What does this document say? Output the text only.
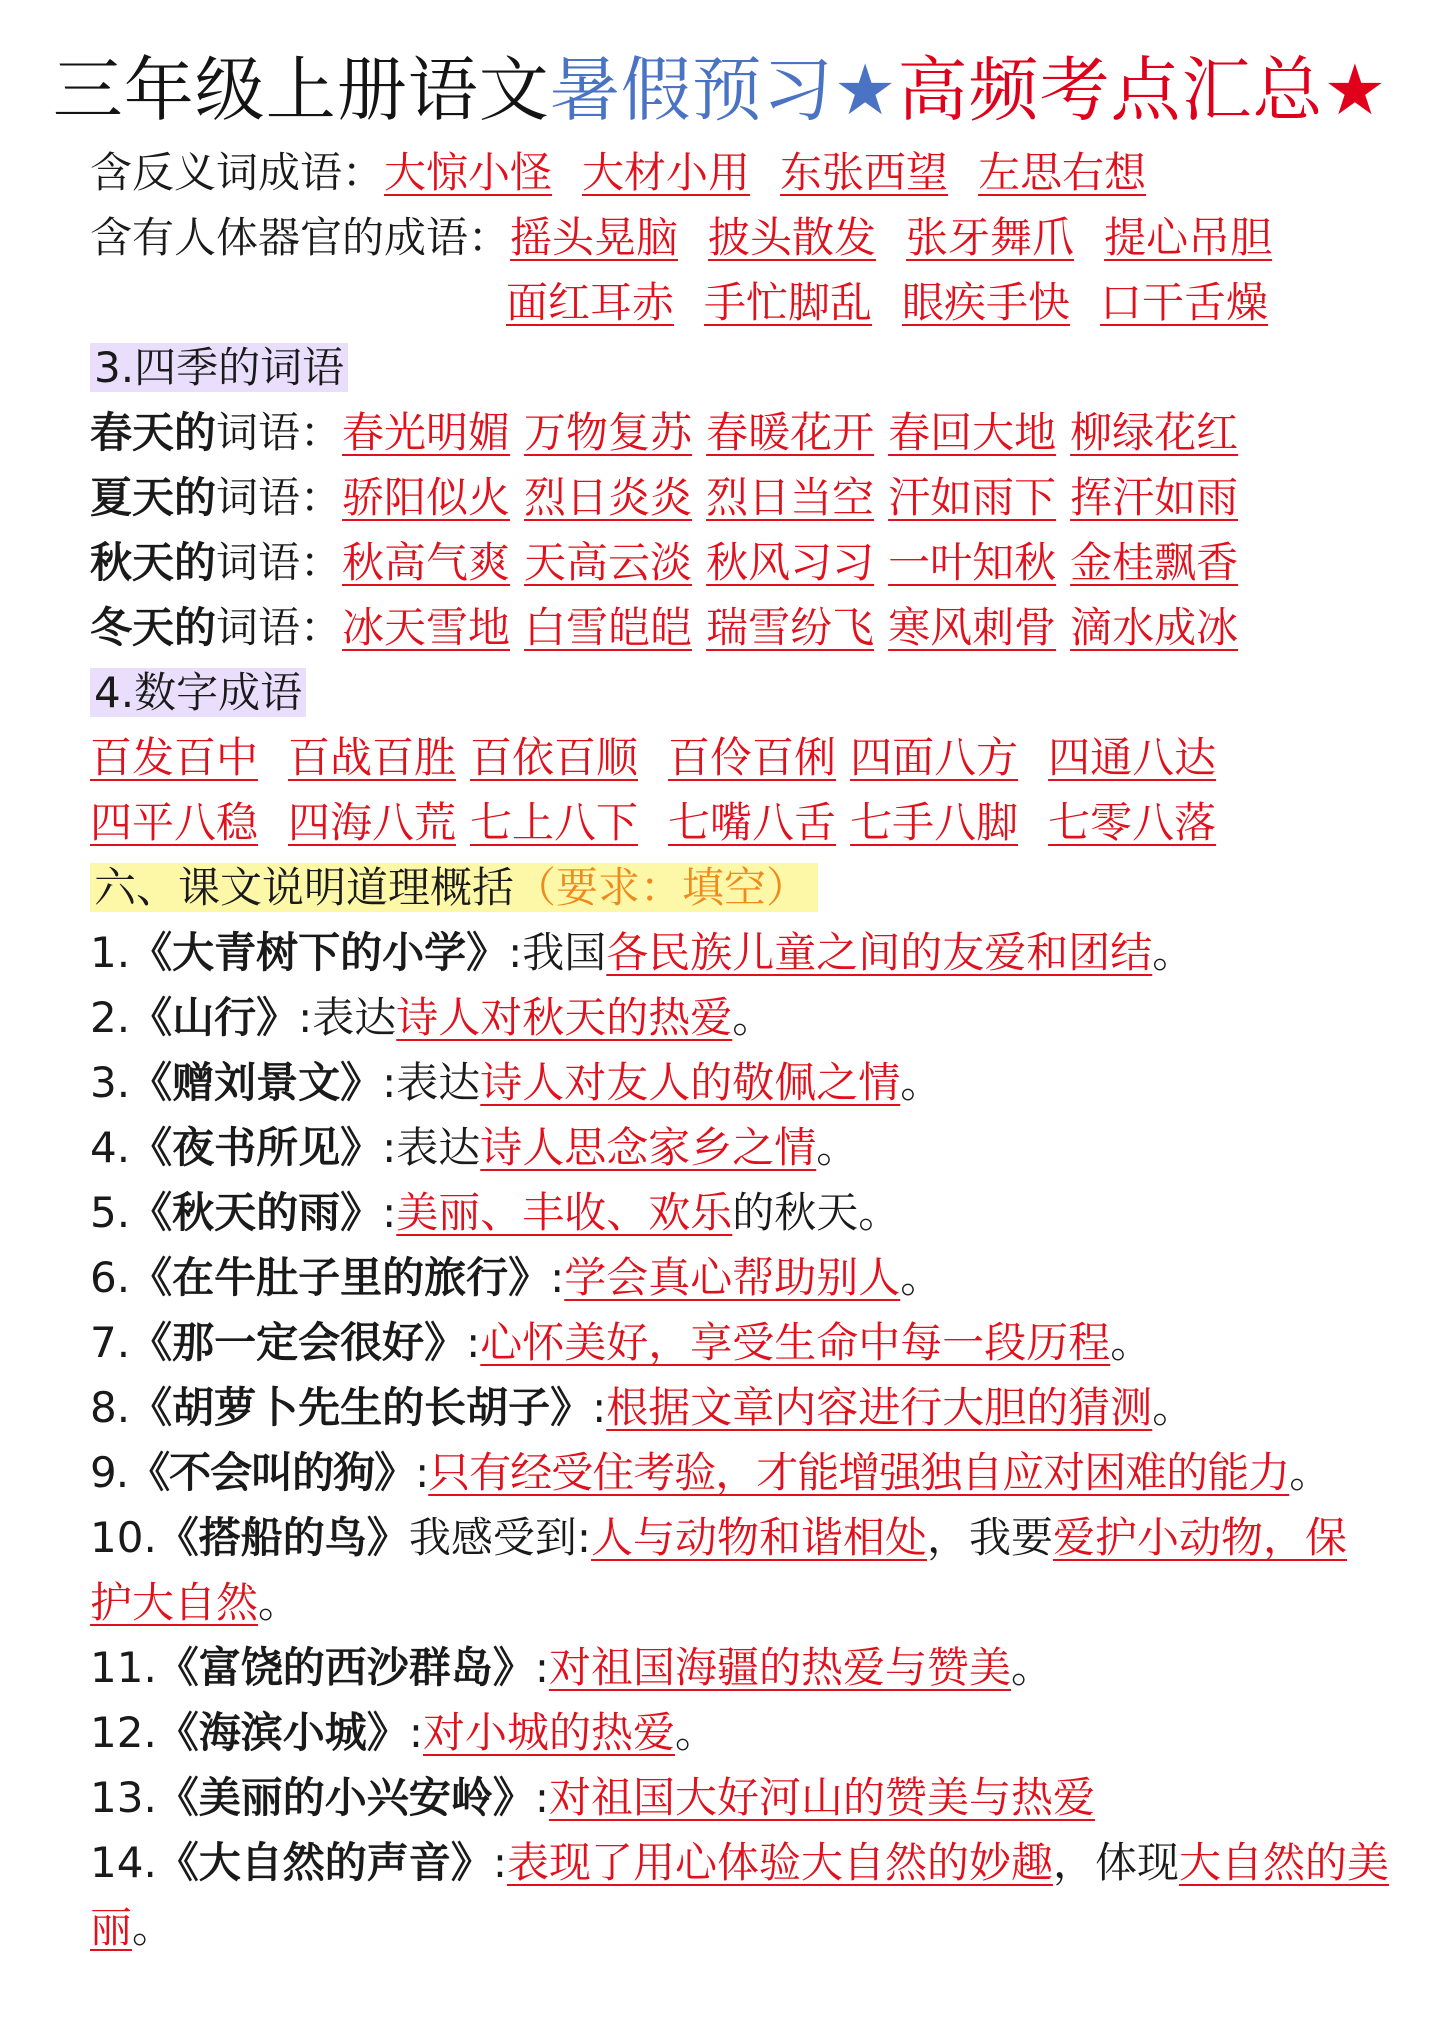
三年级上册语文暑假预习★高频考点汇总★
含反义词成语：大惊小怪 大材小用 东张西望 左思右想
含有人体器官的成语：摇头晃脑 披头散发 张牙舞爪 提心吊胆
面红耳赤 手忙脚乱 眼疾手快 口干舌燥
3.四季的词语
春天的词语：春光明媚 万物复苏 春暖花开 春回大地 柳绿花红
夏天的词语：骄阳似火 烈日炎炎 烈日当空 汗如雨下 挥汗如雨
秋天的词语：秋高气爽 天高云淡 秋风习习 一叶知秋 金桂飘香
冬天的词语：冰天雪地 白雪皑皑 瑞雪纷飞 寒风刺骨 滴水成冰
4.数字成语
百发百中 百战百胜 百依百顺 百伶百俐 四面八方 四通八达
四平八稳 四海八荒 七上八下 七嘴八舌 七手八脚 七零八落
六、课文说明道理概括（要求：填空）
1.《大青树下的小学》:我国各民族儿童之间的友爱和团结。
2.《山行》:表达诗人对秋天的热爱。
3.《赠刘景文》:表达诗人对友人的敬佩之情。
4.《夜书所见》:表达诗人思念家乡之情。
5.《秋天的雨》:美丽、丰收、欢乐的秋天。
6.《在牛肚子里的旅行》:学会真心帮助别人。
7.《那一定会很好》:心怀美好，享受生命中每一段历程。
8.《胡萝卜先生的长胡子》:根据文章内容进行大胆的猜测。
9.《不会叫的狗》:只有经受住考验，才能增强独自应对困难的能力。
10.《搭船的鸟》我感受到:人与动物和谐相处，我要爱护小动物，保
护大自然。
11.《富饶的西沙群岛》:对祖国海疆的热爱与赞美。
12.《海滨小城》:对小城的热爱。
13.《美丽的小兴安岭》:对祖国大好河山的赞美与热爱
14.《大自然的声音》:表现了用心体验大自然的妙趣，体现大自然的美
丽。
